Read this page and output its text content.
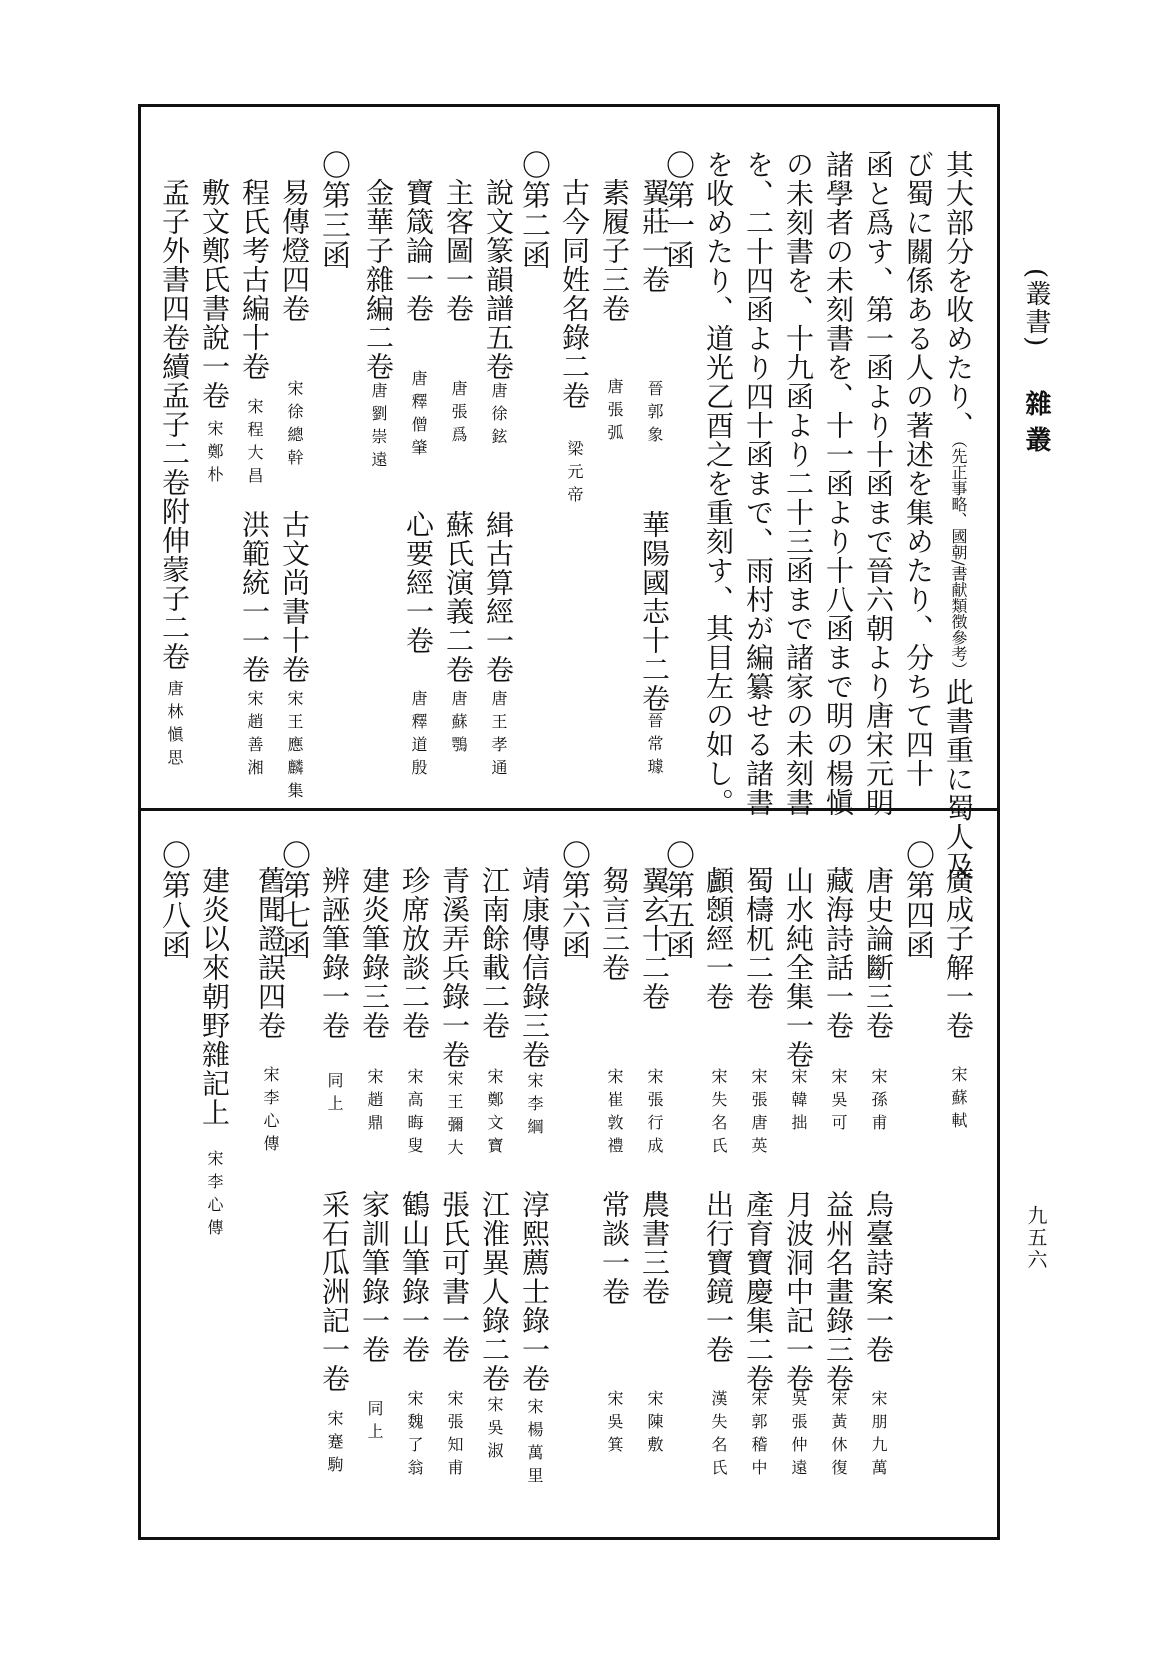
(叢書)
雜叢
九五六
其大部分を收めたり、（先正事略、國朝/書献類徴參考）此書重に蜀人及
び蜀に關係ある人の著述を集めたり、分ちて四十
函と爲す、第一函より十函まで晉六朝より唐宋元明
諸學者の未刻書を、十一函より十八函まで明の楊愼
の未刻書を、十九函より二十三函まで諸家の未刻書
を、二十四函より四十函まで、雨村が編纂せる諸書
を收めたり、道光乙酉之を重刻す、其目左の如し。
〇第一函
翼莊一卷
晉郭象
華陽國志十二卷
晉常璩
素履子三卷
唐張弧
古今同姓名錄二卷
梁元帝
〇第二函
說文篆韻譜五卷
唐徐鉉
緝古算經一卷
唐王孝通
主客圖一卷
唐張爲
蘇氏演義二卷
唐蘇鶚
寶箴論一卷
唐釋僧肇
心要經一卷
唐釋道殷
金華子雜編二卷
唐劉崇遠
〇第三函
易傳燈四卷
宋徐總幹
古文尚書十卷
宋王應麟集
程氏考古編十卷
宋程大昌
洪範統一一卷
宋趙善湘
敷文鄭氏書說一卷
宋鄭朴
孟子外書四卷續孟子二卷附伸蒙子二卷
唐林愼思
廣成子解一卷
宋蘇軾
〇第四函
唐史論斷三卷
宋孫甫
烏臺詩案一卷
宋朋九萬
藏海詩話一卷
宋吳可
益州名畫錄三卷
宋黃休復
山水純全集一卷
宋韓拙
月波洞中記一卷
吳張仲遠
蜀檮杌二卷
宋張唐英
產育寶慶集二卷
宋郭稽中
顱顖經一卷
宋失名氏
出行寶鏡一卷
漢失名氏
〇第五函
翼玄十二卷
宋張行成
農書三卷
宋陳敷
芻言三卷
宋崔敦禮
常談一卷
宋吳箕
〇第六函
靖康傳信錄三卷
宋李綱
淳熙薦士錄一卷
宋楊萬里
江南餘載二卷
宋鄭文寶
江淮異人錄二卷
宋吳淑
青溪弄兵錄一卷
宋王彌大
張氏可書一卷
宋張知甫
珍席放談二卷
宋高晦叟
鶴山筆錄一卷
宋魏了翁
建炎筆錄三卷
宋趙鼎
家訓筆錄一卷
同上
辨誣筆錄一卷
同上
采石瓜洲記一卷
宋蹇駒
〇第七函
舊聞證誤四卷
宋李心傳
建炎以來朝野雜記上
宋李心傳
〇第八函
